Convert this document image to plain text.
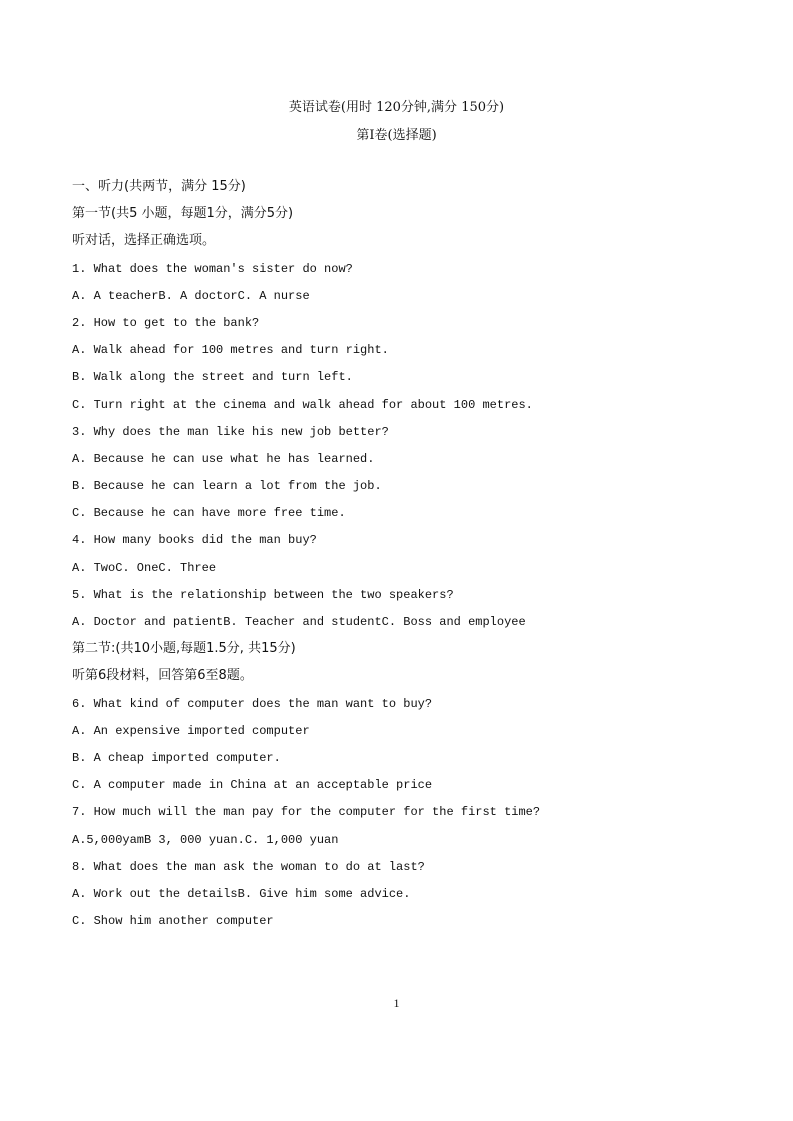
英语试卷(用时 120分钟,满分 150分)
第Ⅰ卷(选择题)
一、听力(共两节，满分 15分)
第一节(共5 小题，每题1分，满分5分)
听对话，选择正确选项。
1. What does the woman's sister do now?
A. A teacherB. A doctorC. A nurse
2. How to get to the bank?
A. Walk ahead for 100 metres and turn right.
B. Walk along the street and turn left.
C. Turn right at the cinema and walk ahead for about 100 metres.
3. Why does the man like his new job better?
A. Because he can use what he has learned.
B. Because he can learn a lot from the job.
C. Because he can have more free time.
4. How many books did the man buy?
A. TwoC. OneC. Three
5. What is the relationship between the two speakers?
A. Doctor and patientB. Teacher and studentC. Boss and employee
第二节:(共10小题,每题1.5分, 共15分)
听第6段材料，回答第6至8题。
6. What kind of computer does the man want to buy?
A. An expensive imported computer
B. A cheap imported computer.
C. A computer made in China at an acceptable price
7. How much will the man pay for the computer for the first time?
A.5,000yamB 3, 000 yuan.C. 1,000 yuan
8. What does the man ask the woman to do at last?
A. Work out the detailsB. Give him some advice.
C. Show him another computer
1
